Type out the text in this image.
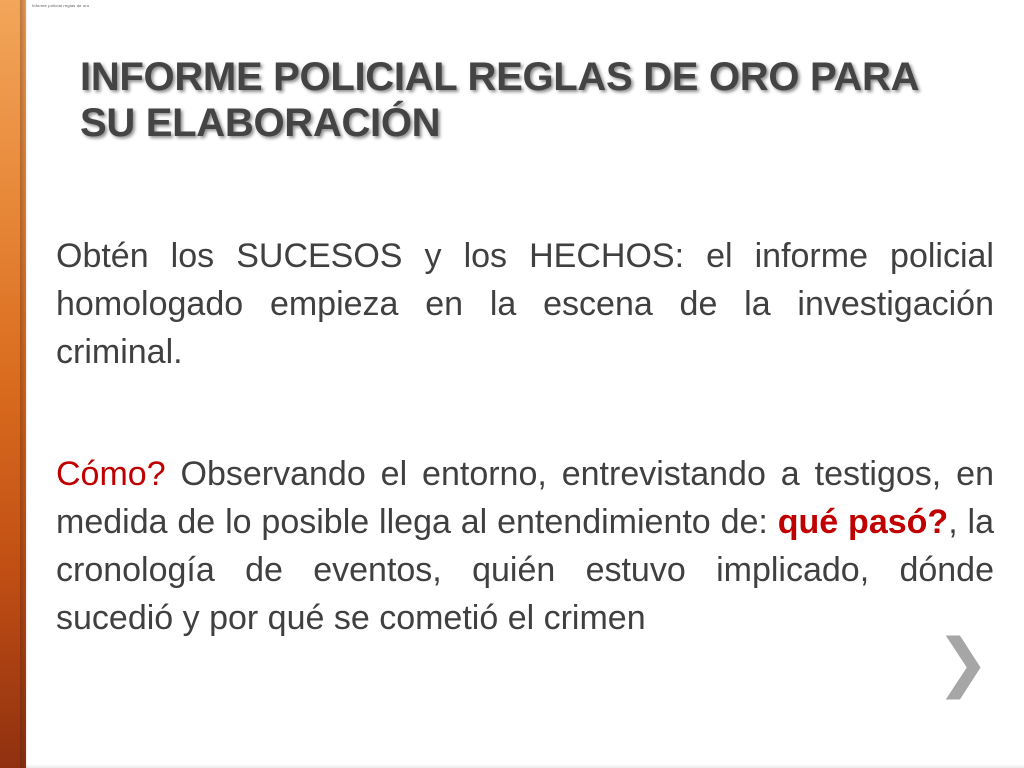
Informe policial reglas de oro
INFORME POLICIAL REGLAS DE ORO PARA SU ELABORACIÓN

Obtén los SUCESOS y los HECHOS: el informe policial homologado empieza en la escena de la investigación criminal.

Cómo? Observando el entorno, entrevistando a testigos, en medida de lo posible llega al entendimiento de: qué pasó?, la cronología de eventos, quién estuvo implicado, dónde sucedió y por qué se cometió el crimen

❯
